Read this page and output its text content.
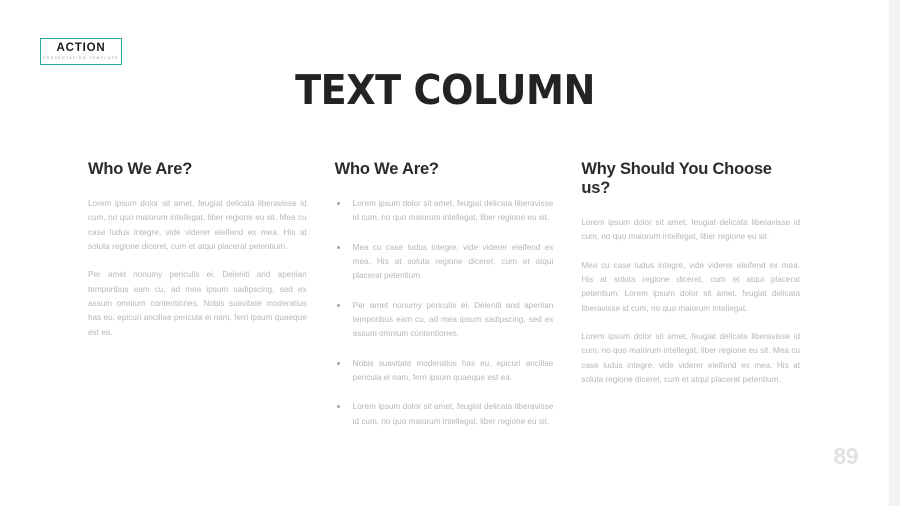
ACTION
PRESENTATION TEMPLATE
TEXT COLUMN
Who We Are?

Lorem ipsum dolor sit amet, feugiat delicata liberavisse id cum, no quo maiorum intellegat, liber regione eu sit. Mea cu case ludus integre, vide viderer eleifend ex mea. His at soluta regione diceret, cum et atqui placerat petentium.

Per amet nonumy periculis ei. Deleniti and aperiian temporibus eam cu, ad mea ipsum sadipscing, sed ex assum omnium contentiones. Nobis suavitate moderatius has eu, epicuri ancillae pericula ei nam, ferri ipsum quaeque est ea.

Who We Are?
Lorem ipsum dolor sit amet, feugiat delicata liberavisse id cum, no quo maiorum intellegat, liber regione eu sit.
Mea cu case ludus integre, vide viderer eleifend ex mea. His at soluta regione diceret, cum et atqui placerat petentium.
Per amet nonumy periculis ei. Deleniti and aperiian temporibus eam cu, ad mea ipsum sadipscing, sed ex assum omnium contentiones.
Nobis suavitate moderatius has eu, epicuri ancillae pericula ei nam, ferri ipsum quaeque est ea.
Lorem ipsum dolor sit amet, feugiat delicata liberavisse id cum, no quo maiorum intellegat, liber regione eu sit.
Why Should You Choose us?

Lorem ipsum dolor sit amet, feugiat delicata liberavisse id cum, no quo maiorum intellegat, liber regione eu sit.

Mea cu case ludus integre, vide viderer eleifend ex mea. His at soluta regione diceret, cum et atqui placerat petentium. Lorem ipsum dolor sit amet, feugiat delicata liberavisse id cum, no quo maiorum intellegat.

Lorem ipsum dolor sit amet, feugiat delicata liberavisse id cum, no quo maiorum intellegat, liber regione eu sit. Mea cu case ludus integre, vide viderer eleifend ex mea. His at soluta regione diceret, cum et atqui placerat petentium.

89
